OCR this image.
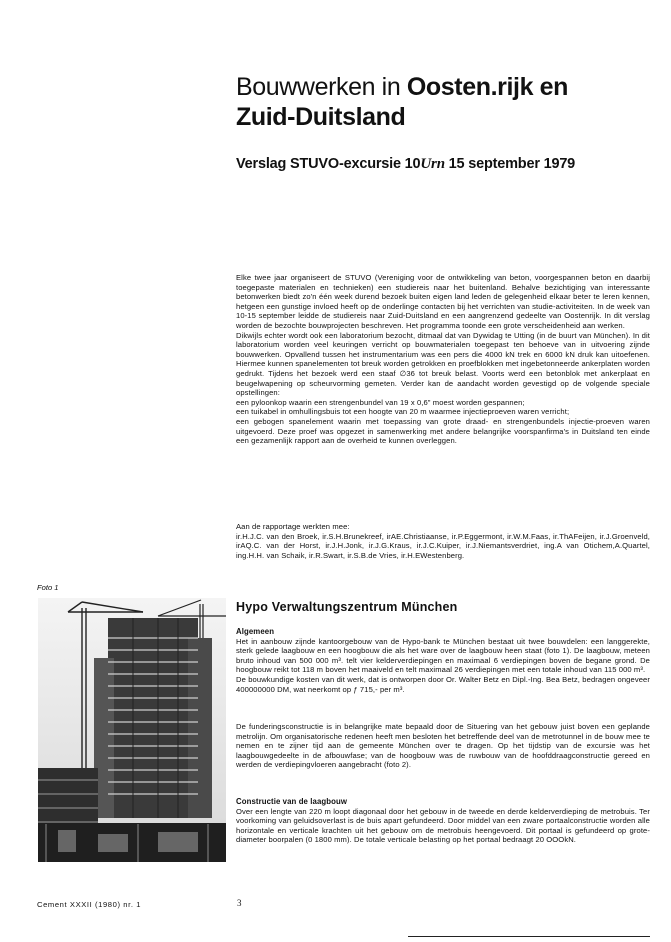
Bouwwerken in Oosten.rijk en
Zuid-Duitsland
Verslag STUVO-excursie 10Urn 15 september 1979

Elke twee jaar organiseert de STUVO (Vereniging voor de ontwikkeling van beton, voorgespannen beton en daarbij toegepaste materialen en technieken) een studiereis naar het buitenland. Behalve bezichtiging van interessante betonwerken biedt zo'n één week durend bezoek buiten eigen land leden de gelegenheid elkaar beter te leren kennen, hetgeen een gunstige invloed heeft op de onderlinge contacten bij het verrichten van studie-activiteiten. In de week van 10-15 september leidde de studiereis naar Zuid-Duitsland en een aangrenzend gedeelte van Oostenrijk. In dit verslag worden de bezochte bouwprojecten beschreven. Het programma toonde een grote verscheidenheid aan werken.

Dikwijls echter wordt ook een laboratorium bezocht, ditmaal dat van Dywidag te Utting (in de buurt van München). In dit laboratorium worden veel keuringen verricht op bouwmaterialen toegepast ten behoeve van in uitvoering zijnde bouwwerken. Opvallend tussen het instrumentarium was een pers die 4000 kN trek en 6000 kN druk kan uitoefenen. Hiermee kunnen spanelementen tot breuk worden getrokken en proefblokken met ingebetonneerde ankerplaten worden gedrukt. Tijdens het bezoek werd een staaf ∅36 tot breuk belast. Voorts werd een betonblok met ankerplaat en beugelwapening op scheurvorming gemeten. Verder kan de aandacht worden gevestigd op de volgende speciale opstellingen:

een pyloonkop waarin een strengenbundel van 19 x 0,6" moest worden gespannen;

een tuikabel in omhullingsbuis tot een hoogte van 20 m waarmee injectieproeven waren verricht;

een gebogen spanelement waarin met toepassing van grote draad- en strengenbundels injectie-proeven waren uitgevoerd. Deze proef was opgezet in samenwerking met andere belangrijke voorspanfirma's in Duitsland ten einde een gezamenlijk rapport aan de overheid te kunnen overleggen.

Aan de rapportage werkten mee:

ir.H.J.C. van den Broek, ir.S.H.Brunekreef, irAE.Christiaanse, ir.P.Eggermont, ir.W.M.Faas, ir.ThAFeijen, ir.J.Groenveld, irAQ.C. van der Horst, ir.J.H.Jonk, ir.J.G.Kraus, ir.J.C.Kuiper, ir.J.Niemantsverdriet, ing.A van Otichem,A.Quartel, ing.H.H. van Schaik, ir.R.Swart, ir.S.B.de Vries, ir.H.EWestenberg.

Foto 1
Hypo Verwaltungszentrum München

Algemeen

Het in aanbouw zijnde kantoorgebouw van de Hypo-bank te München bestaat uit twee bouwdelen: een langgerekte, sterk gelede laagbouw en een hoogbouw die als het ware over de laagbouw heen staat (foto 1). De laagbouw, meteen bruto inhoud van 500 000 m³. telt vier kelderverdiepingen en maximaal 6 verdiepingen boven de begane grond. De hoogbouw reikt tot 118 m boven het maaiveld en telt maximaal 26 verdiepingen met een totale inhoud van 115 000 m³.

De bouwkundige kosten van dit werk, dat is ontworpen door Or. Walter Betz en Dipl.-Ing. Bea Betz, bedragen ongeveer 400000000 DM, wat neerkomt op ƒ 715,- per m³.

De funderingsconstructie is in belangrijke mate bepaald door de Situering van het gebouw juist boven een geplande metrolijn. Om organisatorische redenen heeft men besloten het betreffende deel van de metrotunnel in de bouw mee te nemen en te zijner tijd aan de gemeente München over te dragen. Op het tijdstip van de excursie was het laagbouwgedeelte in de afbouwfase; van de hoogbouw was de ruwbouw van de hoofddraagconstructie gereed en werden de verdiepingvloeren aangebracht (foto 2).

Constructie van de laagbouw

Over een lengte van 220 m loopt diagonaal door het gebouw in de tweede en derde kelderverdieping de metrobuis. Ter voorkoming van geluidsoverlast is de buis apart gefundeerd. Door middel van een zware portaalconstructie worden alle horizontale en verticale krachten uit het gebouw om de metrobuis heengevoerd. Dit portaal is gefundeerd op grote-diameter boorpalen (0 1800 mm). De totale verticale belasting op het portaal bedraagt 20 OOOkN.

Cement XXXII (1980) nr. 1	3
